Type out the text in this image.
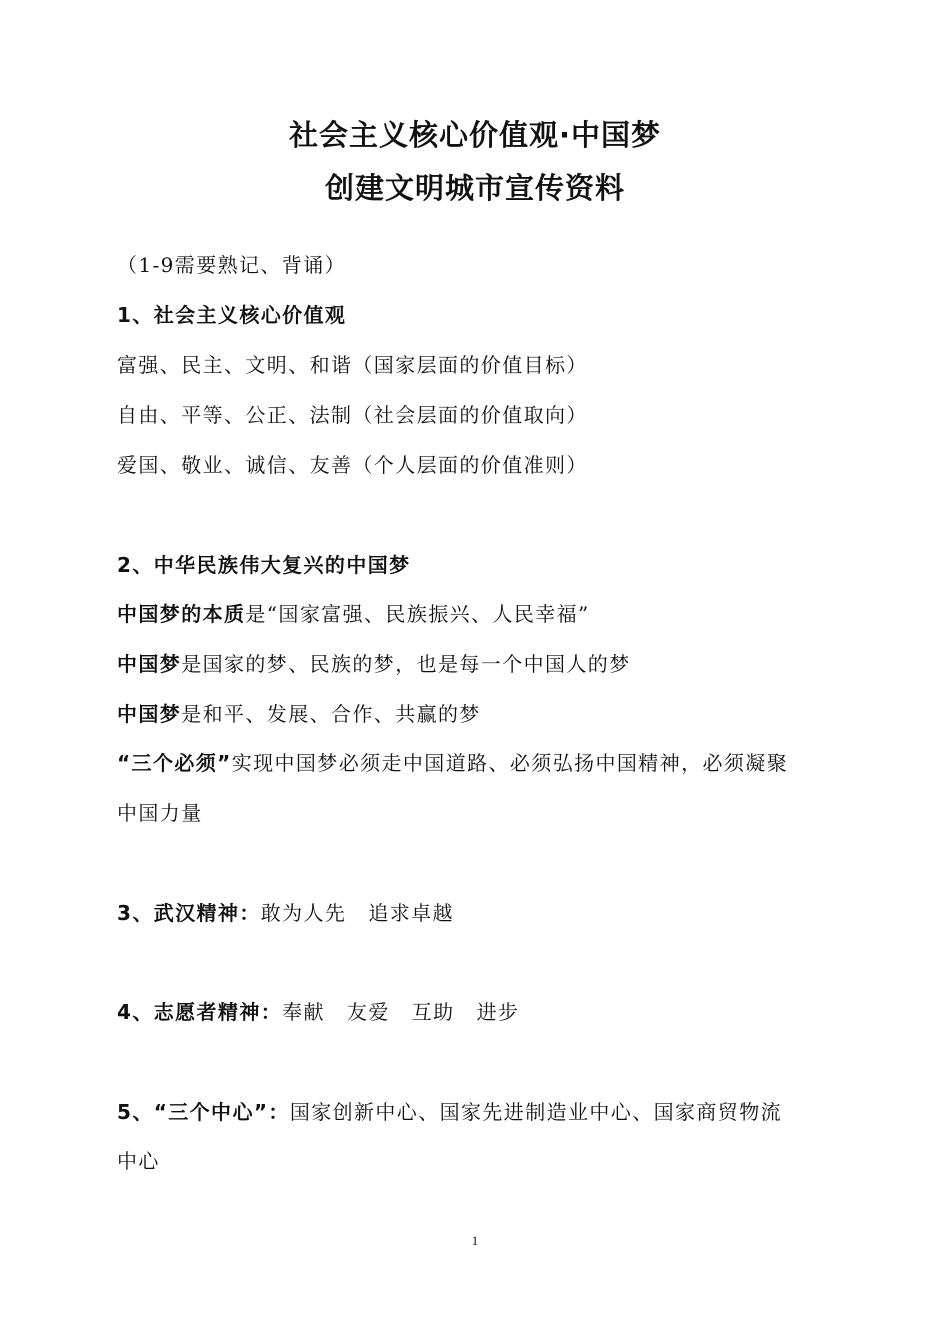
社会主义核心价值观·中国梦
创建文明城市宣传资料
（1-9需要熟记、背诵）
1、社会主义核心价值观
富强、民主、文明、和谐（国家层面的价值目标）
自由、平等、公正、法制（社会层面的价值取向）
爱国、敬业、诚信、友善（个人层面的价值准则）
2、中华民族伟大复兴的中国梦
中国梦的本质是“国家富强、民族振兴、人民幸福”
中国梦是国家的梦、民族的梦，也是每一个中国人的梦
中国梦是和平、发展、合作、共赢的梦
“三个必须”实现中国梦必须走中国道路、必须弘扬中国精神，必须凝聚
中国力量
3、武汉精神：敢为人先 追求卓越
4、志愿者精神：奉献 友爱 互助 进步
5、“三个中心”：国家创新中心、国家先进制造业中心、国家商贸物流
中心
1
